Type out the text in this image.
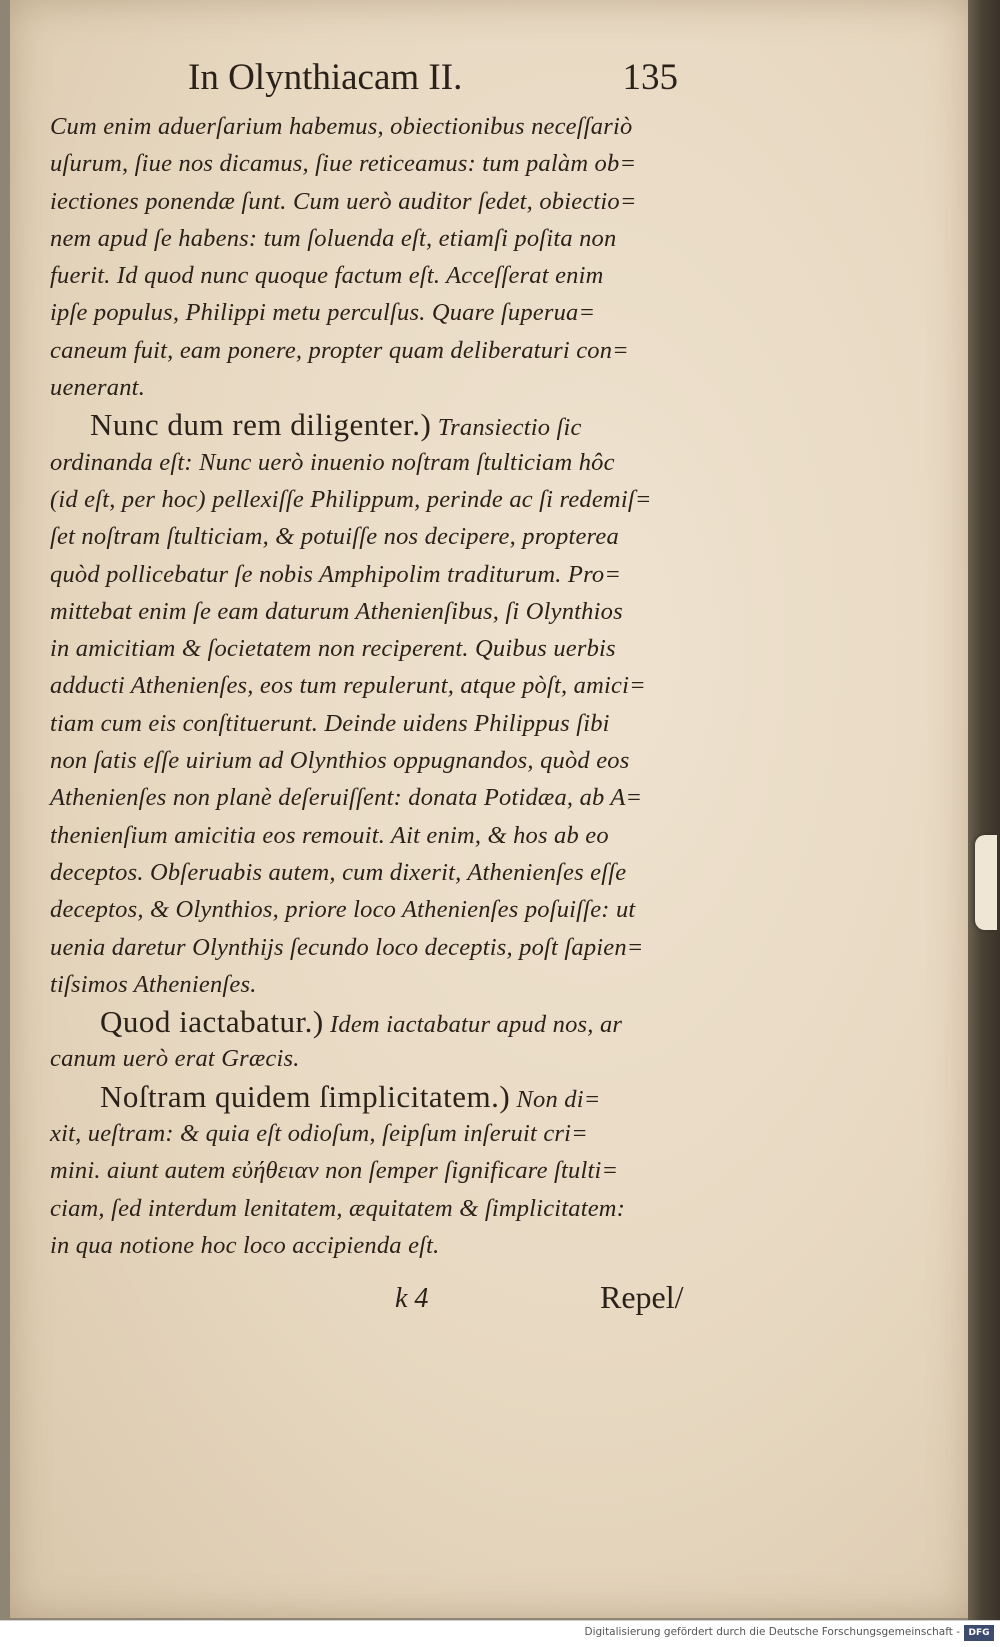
In Olynthiacam II.	135
Cum enim aduerſarium habemus, obiectionibus neceſſariò
uſurum, ſiue nos dicamus, ſiue reticeamus: tum palàm ob=
iectiones ponendæ ſunt. Cum uerò auditor ſedet, obiectio=
nem apud ſe habens: tum ſoluenda eſt, etiamſi poſita non
fuerit. Id quod nunc quoque factum eſt. Acceſſerat enim
ipſe populus, Philippi metu perculſus. Quare ſuperua=
caneum fuit, eam ponere, propter quam deliberaturi con=
uenerant.
Nunc dum rem diligenter.) Transiectio ſic
ordinanda eſt: Nunc uerò inuenio noſtram ſtulticiam hôc
(id eſt, per hoc) pellexiſſe Philippum, perinde ac ſi redemiſ=
ſet noſtram ſtulticiam, & potuiſſe nos decipere, propterea
quòd pollicebatur ſe nobis Amphipolim traditurum. Pro=
mittebat enim ſe eam daturum Athenienſibus, ſi Olynthios
in amicitiam & ſocietatem non reciperent. Quibus uerbis
adducti Athenienſes, eos tum repulerunt, atque pòſt, amici=
tiam cum eis conſtituerunt. Deinde uidens Philippus ſibi
non ſatis eſſe uirium ad Olynthios oppugnandos, quòd eos
Athenienſes non planè deſeruiſſent: donata Potidæa, ab A=
thenienſium amicitia eos remouit. Ait enim, & hos ab eo
deceptos. Obſeruabis autem, cum dixerit, Athenienſes eſſe
deceptos, & Olynthios, priore loco Athenienſes poſuiſſe: ut
uenia daretur Olynthijs ſecundo loco deceptis, poſt ſapien=
tiſsimos Athenienſes.
Quod iactabatur.) Idem iactabatur apud nos, ar
canum uerò erat Græcis.
Noſtram quidem ſimplicitatem.) Non di=
xit, ueſtram: & quia eſt odioſum, ſeipſum inſeruit cri=
mini. aiunt autem εὐήθειαν non ſemper ſignificare ſtulti=
ciam, ſed interdum lenitatem, æquitatem & ſimplicitatem:
in qua notione hoc loco accipienda eſt.
k 4	Repel/
Digitalisierung gefördert durch die Deutsche Forschungsgemeinschaft - DFG
